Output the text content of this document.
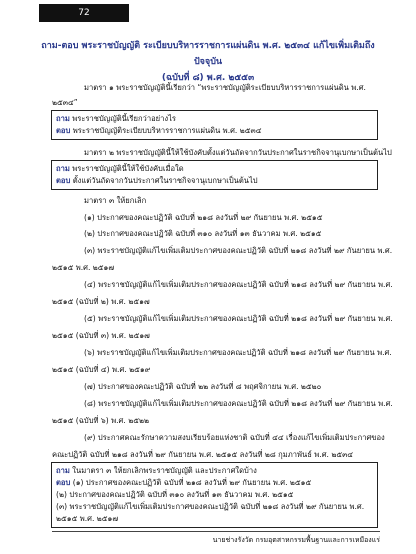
72
ถาม-ตอบ พระราชบัญญัติ ระเบียบบริหารราชการแผ่นดิน พ.ศ. ๒๕๓๔ แก้ไขเพิ่มเติมถึงปัจจุบัน
(ฉบับที่ ๘) พ.ศ. ๒๕๕๓
มาตรา ๑ พระราชบัญญัตินี้เรียกว่า “พระราชบัญญัติระเบียบบริหารราชการแผ่นดิน พ.ศ.
๒๕๓๔”
ถาม พระราชบัญญัตินี้เรียกว่าอย่างไร
ตอบ พระราชบัญญัติระเบียบบริหารราชการแผ่นดิน พ.ศ. ๒๕๓๔
มาตรา ๒ พระราชบัญญัตินี้ให้ใช้บังคับตั้งแต่วันถัดจากวันประกาศในราชกิจจานุเบกษาเป็นต้นไป
ถาม พระราชบัญญัตินี้ให้ใช้บังคับเมื่อใด
ตอบ ตั้งแต่วันถัดจากวันประกาศในราชกิจจานุเบกษาเป็นต้นไป
มาตรา ๓ ให้ยกเลิก
(๑) ประกาศของคณะปฏิวัติ ฉบับที่ ๒๑๘ ลงวันที่ ๒๙ กันยายน พ.ศ. ๒๕๑๕
(๒) ประกาศของคณะปฏิวัติ ฉบับที่ ๓๑๐ ลงวันที่ ๑๓ ธันวาคม พ.ศ. ๒๕๑๕
(๓) พระราชบัญญัติแก้ไขเพิ่มเติมประกาศของคณะปฏิวัติ ฉบับที่ ๒๑๘ ลงวันที่ ๒๙ กันยายน พ.ศ.
๒๕๑๕ พ.ศ. ๒๕๑๗
(๔) พระราชบัญญัติแก้ไขเพิ่มเติมประกาศของคณะปฏิวัติ ฉบับที่ ๒๑๘ ลงวันที่ ๒๙ กันยายน พ.ศ.
๒๕๑๕ (ฉบับที่ ๒) พ.ศ. ๒๕๑๗
(๕) พระราชบัญญัติแก้ไขเพิ่มเติมประกาศของคณะปฏิวัติ ฉบับที่ ๒๑๘ ลงวันที่ ๒๙ กันยายน พ.ศ.
๒๕๑๕ (ฉบับที่ ๓) พ.ศ. ๒๕๑๗
(๖) พระราชบัญญัติแก้ไขเพิ่มเติมประกาศของคณะปฏิวัติ ฉบับที่ ๒๑๘ ลงวันที่ ๒๙ กันยายน พ.ศ.
๒๕๑๕ (ฉบับที่ ๔) พ.ศ. ๒๕๑๙
(๗) ประกาศของคณะปฏิวัติ ฉบับที่ ๒๒ ลงวันที่ ๘ พฤศจิกายน พ.ศ. ๒๕๒๐
(๘) พระราชบัญญัติแก้ไขเพิ่มเติมประกาศของคณะปฏิวัติ ฉบับที่ ๒๑๘ ลงวันที่ ๒๙ กันยายน พ.ศ.
๒๕๑๕ (ฉบับที่ ๖) พ.ศ. ๒๕๒๒
(๙) ประกาศคณะรักษาความสงบเรียบร้อยแห่งชาติ ฉบับที่ ๔๔ เรื่องแก้ไขเพิ่มเติมประกาศของ
คณะปฏิวัติ ฉบับที่ ๒๑๘ ลงวันที่ ๒๙ กันยายน พ.ศ. ๒๕๑๕ ลงวันที่ ๒๘ กุมภาพันธ์ พ.ศ. ๒๕๓๔
ถาม ในมาตรา ๓ ให้ยกเลิกพระราชบัญญัติ และประกาศใดบ้าง
ตอบ (๑) ประกาศของคณะปฏิวัติ ฉบับที่ ๒๑๘ ลงวันที่ ๒๙ กันยายน พ.ศ. ๒๕๑๕
(๒) ประกาศของคณะปฏิวัติ ฉบับที่ ๓๑๐ ลงวันที่ ๑๓ ธันวาคม พ.ศ. ๒๕๑๕
(๓) พระราชบัญญัติแก้ไขเพิ่มเติมประกาศของคณะปฏิวัติ ฉบับที่ ๒๑๘ ลงวันที่ ๒๙ กันยายน พ.ศ.
๒๕๑๕ พ.ศ. ๒๕๑๗
นายช่างรังวัด กรมอุตสาหกรรมพื้นฐานและการเหมืองแร่
